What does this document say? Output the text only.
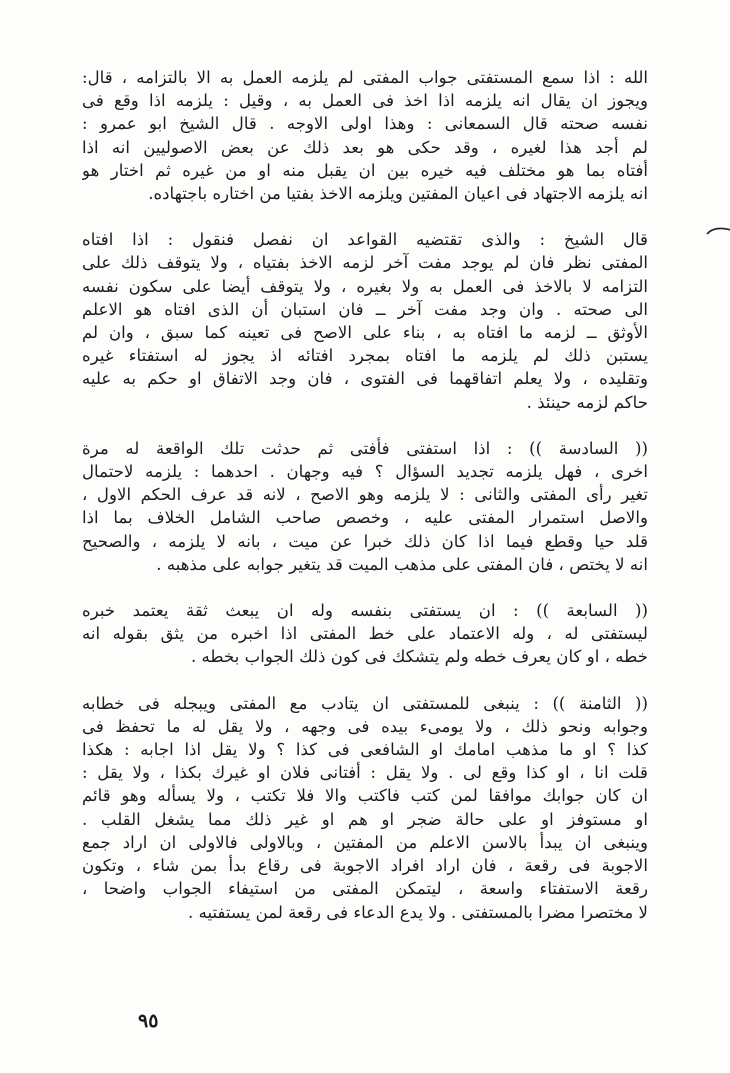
الله : اذا سمع المستفتى جواب المفتى لم يلزمه العمل به الا بالتزامه ، قال:
ويجوز ان يقال انه يلزمه اذا اخذ فى العمل به ، وقيل : يلزمه اذا وقع فى
نفسه صحته قال السمعانى : وهذا اولى الاوجه . قال الشيخ ابو عمرو :
لم أجد هذا لغيره ، وقد حكى هو بعد ذلك عن بعض الاصوليين انه اذا
أفتاه بما هو مختلف فيه خيره بين ان يقبل منه او من غيره ثم اختار هو
انه يلزمه الاجتهاد فى اعيان المفتين ويلزمه الاخذ بفتيا من اختاره باجتهاده.

قال الشيخ : والذى تقتضيه القواعد ان نفصل فنقول : اذا افتاه
المفتى نظر فان لم يوجد مفت آخر لزمه الاخذ بفتياه ، ولا يتوقف ذلك على
التزامه لا بالاخذ فى العمل به ولا بغيره ، ولا يتوقف أيضا على سكون نفسه
الى صحته . وان وجد مفت آخر ــ فان استبان أن الذى افتاه هو الاعلم
الأوثق ــ لزمه ما افتاه به ، بناء على الاصح فى تعينه كما سبق ، وان لم
يستبن ذلك لم يلزمه ما افتاه بمجرد افتائه اذ يجوز له استفتاء غيره
وتقليده ، ولا يعلم اتفاقهما فى الفتوى ، فان وجد الاتفاق او حكم به عليه
حاكم لزمه حينئذ .

(( السادسة )) : اذا استفتى فأفتى ثم حدثت تلك الواقعة له مرة
اخرى ، فهل يلزمه تجديد السؤال ؟ فيه وجهان . احدهما : يلزمه لاحتمال
تغير رأى المفتى والثانى : لا يلزمه وهو الاصح ، لانه قد عرف الحكم الاول ،
والاصل استمرار المفتى عليه ، وخصص صاحب الشامل الخلاف بما اذا
قلد حيا وقطع فيما اذا كان ذلك خبرا عن ميت ، بانه لا يلزمه ، والصحيح
انه لا يختص ، فان المفتى على مذهب الميت قد يتغير جوابه على مذهبه .

(( السابعة )) : ان يستفتى بنفسه وله ان يبعث ثقة يعتمد خبره
ليستفتى له ، وله الاعتماد على خط المفتى اذا اخبره من يثق بقوله انه
خطه ، او كان يعرف خطه ولم يتشكك فى كون ذلك الجواب بخطه .

(( الثامنة )) : ينبغى للمستفتى ان يتادب مع المفتى ويبجله فى خطابه
وجوابه ونحو ذلك ، ولا يومىء بيده فى وجهه ، ولا يقل له ما تحفظ فى
كذا ؟ او ما مذهب امامك او الشافعى فى كذا ؟ ولا يقل اذا اجابه : هكذا
قلت انا ، او كذا وقع لى . ولا يقل : أفتانى فلان او غيرك بكذا ، ولا يقل :
ان كان جوابك موافقا لمن كتب فاكتب والا فلا تكتب ، ولا يسأله وهو قائم
او مستوفز او على حالة ضجر او هم او غير ذلك مما يشغل القلب .
وينبغى ان يبدأ بالاسن الاعلم من المفتين ، وبالاولى فالاولى ان اراد جمع
الاجوبة فى رقعة ، فان اراد افراد الاجوبة فى رقاع بدأ بمن شاء ، وتكون
رقعة الاستفتاء واسعة ، ليتمكن المفتى من استيفاء الجواب واضحا ،
لا مختصرا مضرا بالمستفتى . ولا يدع الدعاء فى رقعة لمن يستفتيه .

٩٥
